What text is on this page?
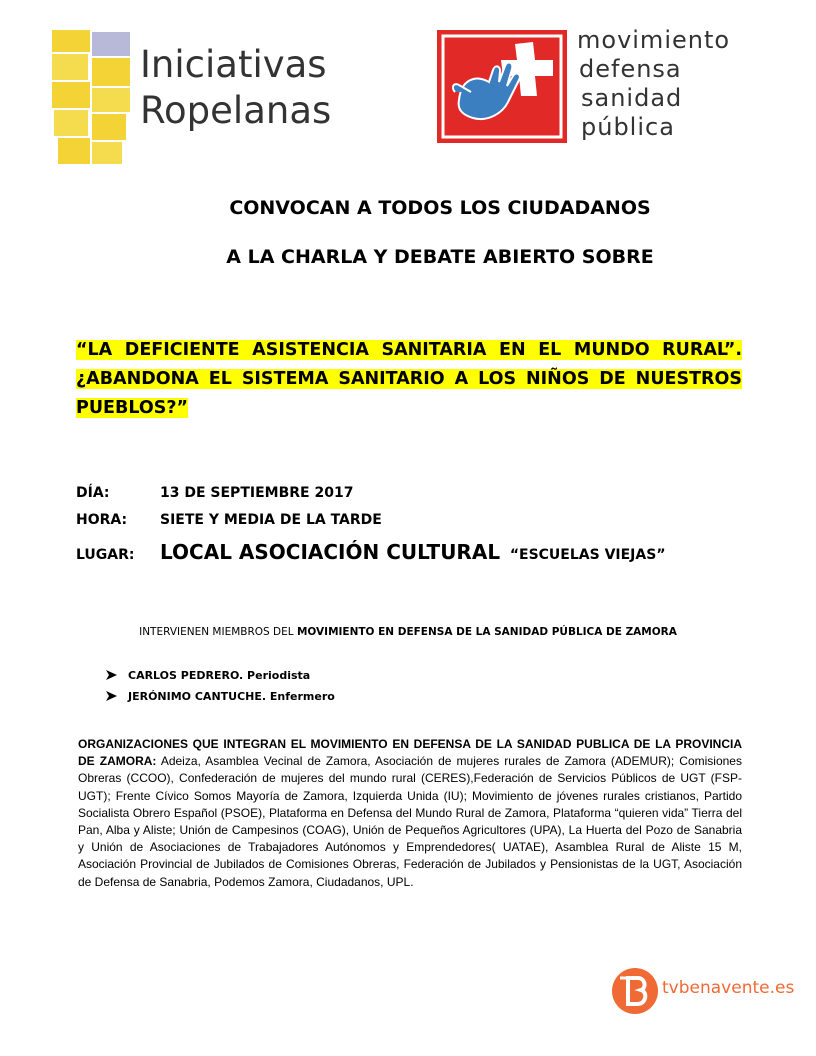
Iniciativas
Ropelanas
movimiento
defensa
sanidad
pública
CONVOCAN A TODOS LOS CIUDADANOS
A LA CHARLA Y DEBATE ABIERTO SOBRE
“LA DEFICIENTE ASISTENCIA SANITARIA EN EL MUNDO RURAL”. ¿ABANDONA EL SISTEMA SANITARIO A LOS NIÑOS DE NUESTROS PUEBLOS?”
DÍA:	13 DE SEPTIEMBRE 2017
HORA: SIETE Y MEDIA DE LA TARDE
LUGAR: LOCAL ASOCIACIÓN CULTURAL “ESCUELAS VIEJAS”
INTERVIENEN MIEMBROS DEL MOVIMIENTO EN DEFENSA DE LA SANIDAD PÚBLICA DE ZAMORA
CARLOS PEDRERO. Periodista
JERÓNIMO CANTUCHE. Enfermero
ORGANIZACIONES QUE INTEGRAN EL MOVIMIENTO EN DEFENSA DE LA SANIDAD PUBLICA DE LA PROVINCIA DE ZAMORA: Adeiza, Asamblea Vecinal de Zamora, Asociación de mujeres rurales de Zamora (ADEMUR); Comisiones Obreras (CCOO), Confederación de mujeres del mundo rural (CERES),Federación de Servicios Públicos de UGT (FSP-UGT); Frente Cívico Somos Mayoría de Zamora, Izquierda Unida (IU); Movimiento de jóvenes rurales cristianos, Partido Socialista Obrero Español (PSOE), Plataforma en Defensa del Mundo Rural de Zamora, Plataforma “quieren vida” Tierra del Pan, Alba y Aliste; Unión de Campesinos (COAG), Unión de Pequeños Agricultores (UPA), La Huerta del Pozo de Sanabria y Unión de Asociaciones de Trabajadores Autónomos y Emprendedores( UATAE), Asamblea Rural de Aliste 15 M, Asociación Provincial de Jubilados de Comisiones Obreras, Federación de Jubilados y Pensionistas de la UGT, Asociación de Defensa de Sanabria, Podemos Zamora, Ciudadanos, UPL.
tvbenavente.es
